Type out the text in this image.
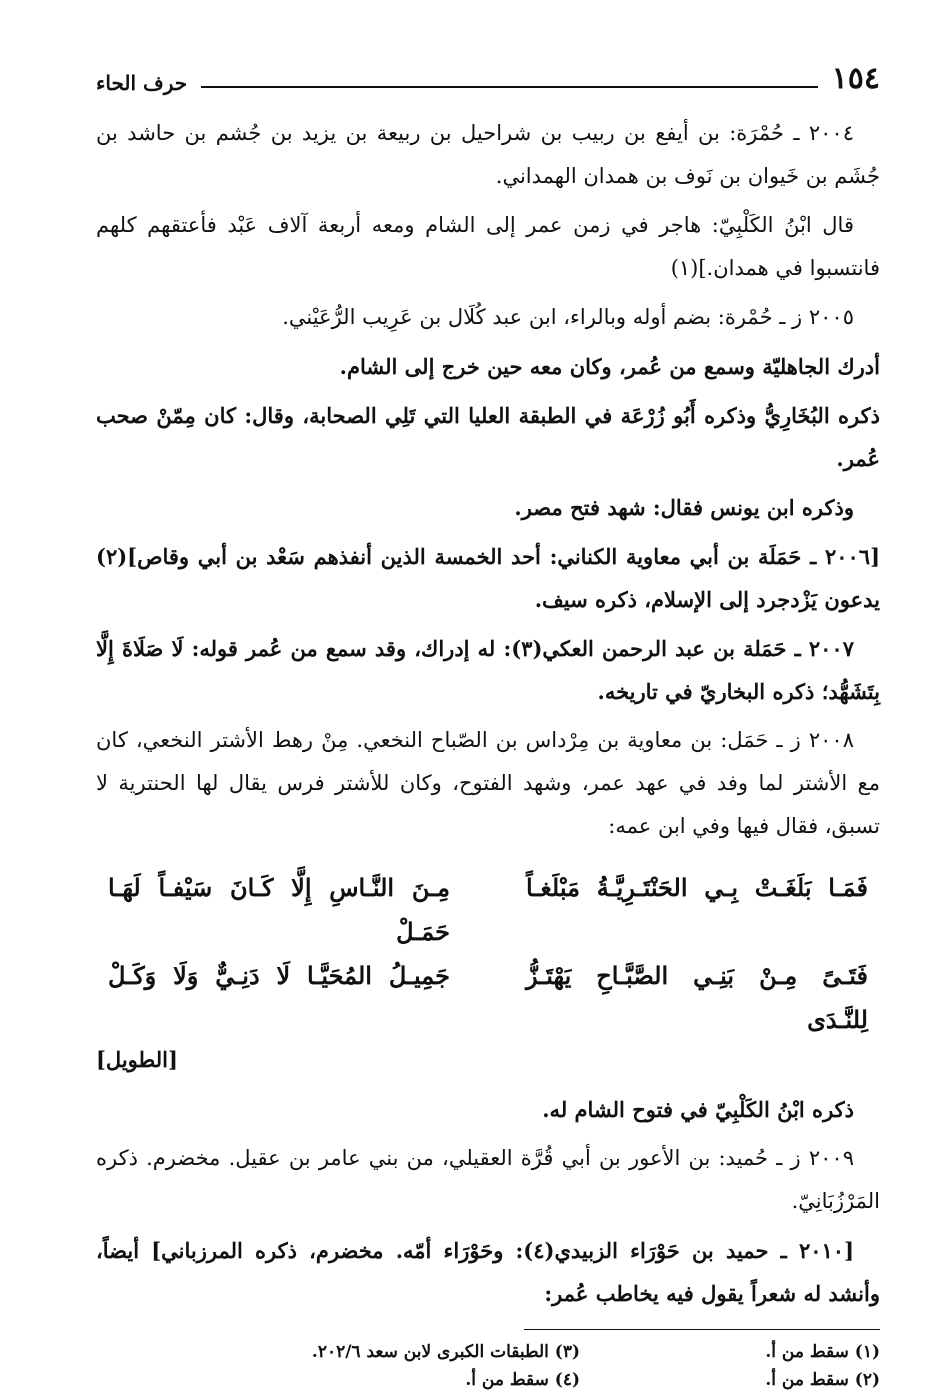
١٥٤
حرف الحاء

٢٠٠٤ ـ حُمْرَة: بن أيفع بن ربيب بن شراحيل بن ربيعة بن يزيد بن جُشم بن حاشد بن جُشَم بن خَيوان بن نَوف بن همدان الهمداني.

قال ابْنُ الكَلْبِيّ: هاجر في زمن عمر إلى الشام ومعه أربعة آلاف عَبْد فأعتقهم كلهم فانتسبوا في همدان.](١)

٢٠٠٥ ز ـ حُمْرة: بضم أوله وبالراء، ابن عبد كُلَال بن عَرِيب الرُّعَيْني.

أدرك الجاهليّة وسمع من عُمر، وكان معه حين خرج إلى الشام.

ذكره البُخَارِيُّ وذكره أَبُو زُرْعَة في الطبقة العليا التي تَلِي الصحابة، وقال: كان مِمّنْ صحب عُمر.

وذكره ابن يونس فقال: شهد فتح مصر.

[٢٠٠٦ ـ حَمَلَة بن أبي معاوية الكناني: أحد الخمسة الذين أنفذهم سَعْد بن أبي وقاص](٢) يدعون يَزْدجرد إلى الإسلام، ذكره سيف.

٢٠٠٧ ـ حَمَلة بن عبد الرحمن العكي(٣): له إدراك، وقد سمع من عُمر قوله: لَا صَلَاةَ إِلَّا بِتَشَهُّد؛ ذكره البخاريّ في تاريخه.

٢٠٠٨ ز ـ حَمَل: بن معاوية بن مِرْداس بن الصّباح النخعي. مِنْ رهط الأشتر النخعي، كان مع الأشتر لما وفد في عهد عمر، وشهد الفتوح، وكان للأشتر فرس يقال لها الحنترية لا تسبق، فقال فيها وفي ابن عمه:

فَمَـا بَلَغَـتْ بِـي الحَنْتَـرِيَّـةُ مَبْلَغـاً
مِـنَ النَّـاسِ إِلَّا كَـانَ سَيْفـاً لَهَـا حَمَـلْ
فَتَـىً مِـنْ بَنِـي الصَّبَّـاحِ يَهْتَـزُّ لِلنَّـدَى
جَمِيـلُ المُحَيَّـا لَا دَنِـيٌّ وَلَا وَكَـلْ
[الطويل]

ذكره ابْنُ الكَلْبِيّ في فتوح الشام له.

٢٠٠٩ ز ـ حُميد: بن الأعور بن أبي قُرَّة العقيلي، من بني عامر بن عقيل. مخضرم. ذكره المَرْزُبَانِيّ.

[٢٠١٠ ـ حميد بن حَوْرَاء الزبيدي(٤): وحَوْرَاء أمّه. مخضرم، ذكره المرزباني] أيضاً، وأنشد له شعراً يقول فيه يخاطب عُمر:

(١) سقط من أ.
(٣) الطبقات الكبرى لابن سعد ٢٠٢/٦.
(٢) سقط من أ.
(٤) سقط من أ.
